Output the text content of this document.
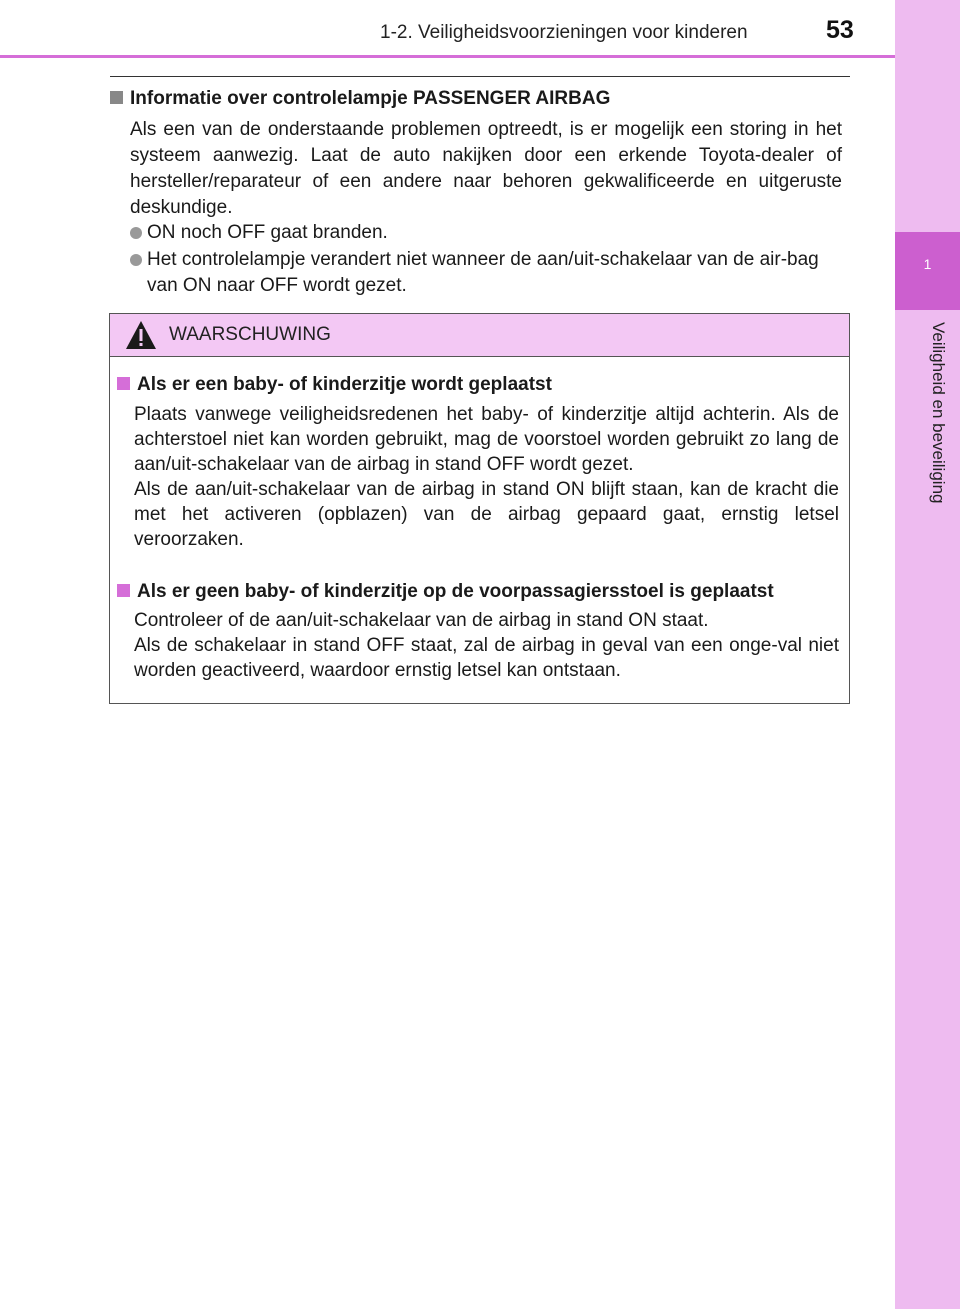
1-2. Veiligheidsvoorzieningen voor kinderen	53
1
Veiligheid en beveiliging
Informatie over controlelampje PASSENGER AIRBAG
Als een van de onderstaande problemen optreedt, is er mogelijk een storing in het systeem aanwezig. Laat de auto nakijken door een erkende Toyota-dealer of hersteller/reparateur of een andere naar behoren gekwalificeerde en uitgeruste deskundige.
ON noch OFF gaat branden.
Het controlelampje verandert niet wanneer de aan/uit-schakelaar van de air-bag van ON naar OFF wordt gezet.
WAARSCHUWING
Als er een baby- of kinderzitje wordt geplaatst

Plaats vanwege veiligheidsredenen het baby- of kinderzitje altijd achterin. Als de achterstoel niet kan worden gebruikt, mag de voorstoel worden gebruikt zo lang de aan/uit-schakelaar van de airbag in stand OFF wordt gezet.

Als de aan/uit-schakelaar van de airbag in stand ON blijft staan, kan de kracht die met het activeren (opblazen) van de airbag gepaard gaat, ernstig letsel veroorzaken.

Als er geen baby- of kinderzitje op de voorpassagiersstoel is geplaatst

Controleer of de aan/uit-schakelaar van de airbag in stand ON staat.

Als de schakelaar in stand OFF staat, zal de airbag in geval van een onge-val niet worden geactiveerd, waardoor ernstig letsel kan ontstaan.
